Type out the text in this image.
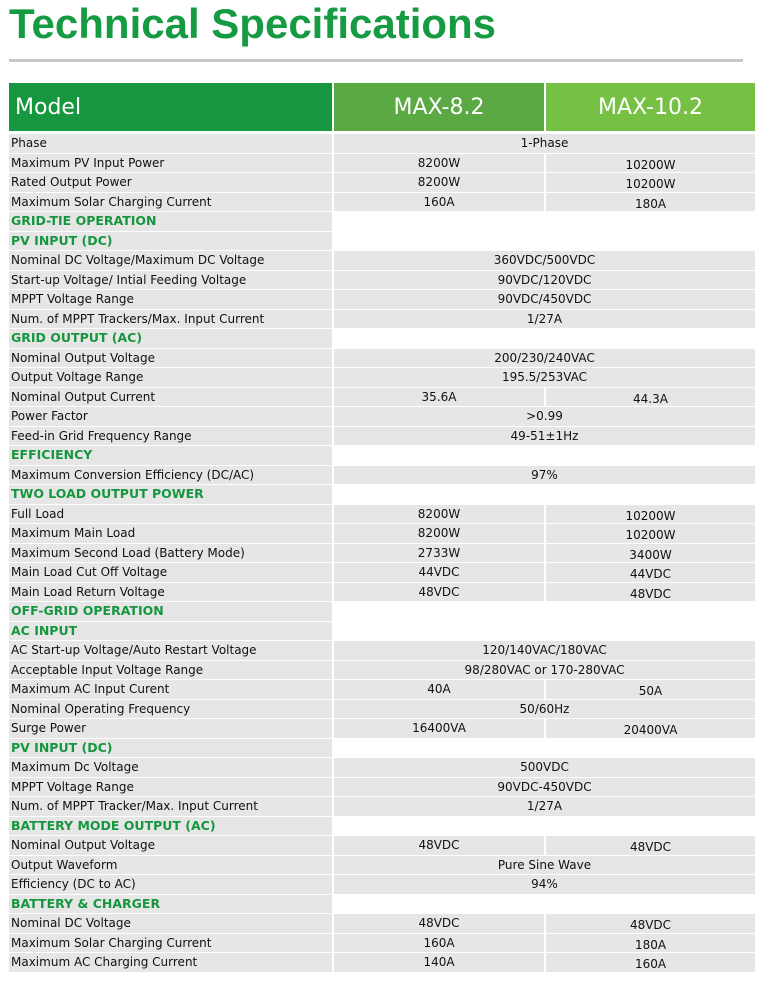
Technical Specifications
Model	MAX-8.2	MAX-10.2
Phase	1-Phase
Maximum PV Input Power	8200W	10200W
Rated Output Power	8200W	10200W
Maximum Solar Charging Current	160A	180A
GRID-TIE OPERATION
PV INPUT (DC)
Nominal DC Voltage/Maximum DC Voltage	360VDC/500VDC
Start-up Voltage/ Intial Feeding Voltage	90VDC/120VDC
MPPT Voltage Range	90VDC/450VDC
Num. of MPPT Trackers/Max. Input Current	1/27A
GRID OUTPUT (AC)
Nominal Output Voltage	200/230/240VAC
Output Voltage Range	195.5/253VAC
Nominal Output Current	35.6A	44.3A
Power Factor	>0.99
Feed-in Grid Frequency Range	49-51±1Hz
EFFICIENCY
Maximum Conversion Efficiency (DC/AC)	97%
TWO LOAD OUTPUT POWER
Full Load	8200W	10200W
Maximum Main Load	8200W	10200W
Maximum Second Load (Battery Mode)	2733W	3400W
Main Load Cut Off Voltage	44VDC	44VDC
Main Load Return Voltage	48VDC	48VDC
OFF-GRID OPERATION
AC INPUT
AC Start-up Voltage/Auto Restart Voltage	120/140VAC/180VAC
Acceptable Input Voltage Range	98/280VAC or 170-280VAC
Maximum AC Input Curent	40A	50A
Nominal Operating Frequency	50/60Hz
Surge Power	16400VA	20400VA
PV INPUT (DC)
Maximum Dc Voltage	500VDC
MPPT Voltage Range	90VDC-450VDC
Num. of MPPT Tracker/Max. Input Current	1/27A
BATTERY MODE OUTPUT (AC)
Nominal Output Voltage	48VDC	48VDC
Output Waveform	Pure Sine Wave
Efficiency (DC to AC)	94%
BATTERY & CHARGER
Nominal DC Voltage	48VDC	48VDC
Maximum Solar Charging Current	160A	180A
Maximum AC Charging Current	140A	160A
